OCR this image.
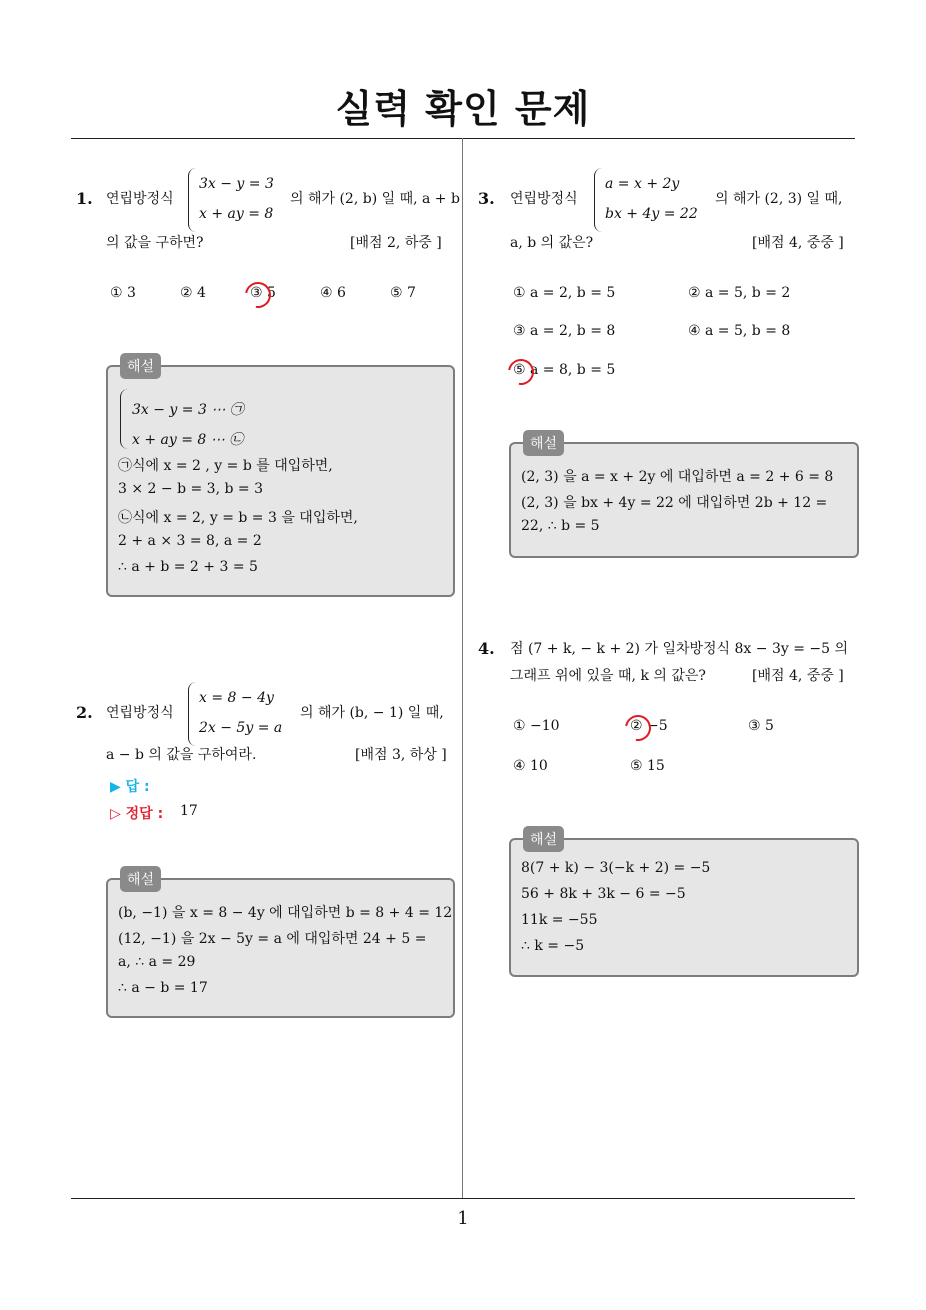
실력 확인 문제
1. 연립방정식
3x − y = 3
x + ay = 8
의 해가 (2, b) 일 때, a + b
의 값을 구하면?	[배점 2, 하중 ]
① 3	② 4	③ 5	④ 6	⑤ 7
해설
3x − y = 3 ⋯ ㉠
x + ay = 8 ⋯ ㉡
㉠식에 x = 2 , y = b 를 대입하면,
3 × 2 − b = 3, b = 3
㉡식에 x = 2, y = b = 3 을 대입하면,
2 + a × 3 = 8, a = 2
∴ a + b = 2 + 3 = 5
2. 연립방정식
x = 8 − 4y
2x − 5y = a
의 해가 (b, − 1) 일 때,
a − b 의 값을 구하여라.	[배점 3, 하상 ]
▶ 답 :
▷ 정답 : 17
해설
(b, −1) 을 x = 8 − 4y 에 대입하면 b = 8 + 4 = 12
(12, −1) 을 2x − 5y = a 에 대입하면 24 + 5 =
a, ∴ a = 29
∴ a − b = 17
3. 연립방정식
a = x + 2y
bx + 4y = 22
의 해가 (2, 3) 일 때,
a, b 의 값은?	[배점 4, 중중 ]
① a = 2, b = 5	② a = 5, b = 2
③ a = 2, b = 8	④ a = 5, b = 8
⑤ a = 8, b = 5
해설
(2, 3) 을 a = x + 2y 에 대입하면 a = 2 + 6 = 8
(2, 3) 을 bx + 4y = 22 에 대입하면 2b + 12 =
22, ∴ b = 5
4. 점 (7 + k, − k + 2) 가 일차방정식 8x − 3y = −5 의
그래프 위에 있을 때, k 의 값은?	[배점 4, 중중 ]
① −10	② −5	③ 5
④ 10	⑤ 15
해설
8(7 + k) − 3(−k + 2) = −5
56 + 8k + 3k − 6 = −5
11k = −55
∴ k = −5
1
